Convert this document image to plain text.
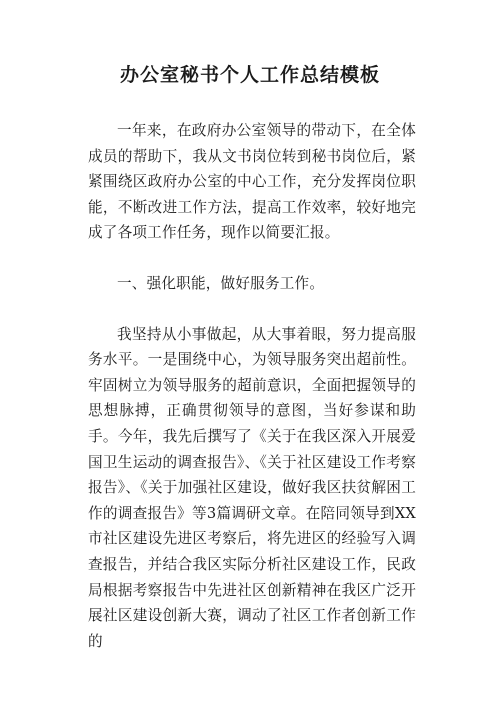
办公室秘书个人工作总结模板

一年来，在政府办公室领导的带动下，在全体成员的帮助下，我从文书岗位转到秘书岗位后，紧紧围绕区政府办公室的中心工作，充分发挥岗位职能，不断改进工作方法，提高工作效率，较好地完成了各项工作任务，现作以简要汇报。

一、强化职能，做好服务工作。

我坚持从小事做起，从大事着眼，努力提高服务水平。一是围绕中心，为领导服务突出超前性。牢固树立为领导服务的超前意识，全面把握领导的思想脉搏，正确贯彻领导的意图，当好参谋和助手。今年，我先后撰写了《关于在我区深入开展爱国卫生运动的调查报告》、《关于社区建设工作考察报告》、《关于加强社区建设，做好我区扶贫解困工作的调查报告》等3篇调研文章。在陪同领导到XX市社区建设先进区考察后，将先进区的经验写入调查报告，并结合我区实际分析社区建设工作，民政局根据考察报告中先进社区创新精神在我区广泛开展社区建设创新大赛，调动了社区工作者创新工作的
